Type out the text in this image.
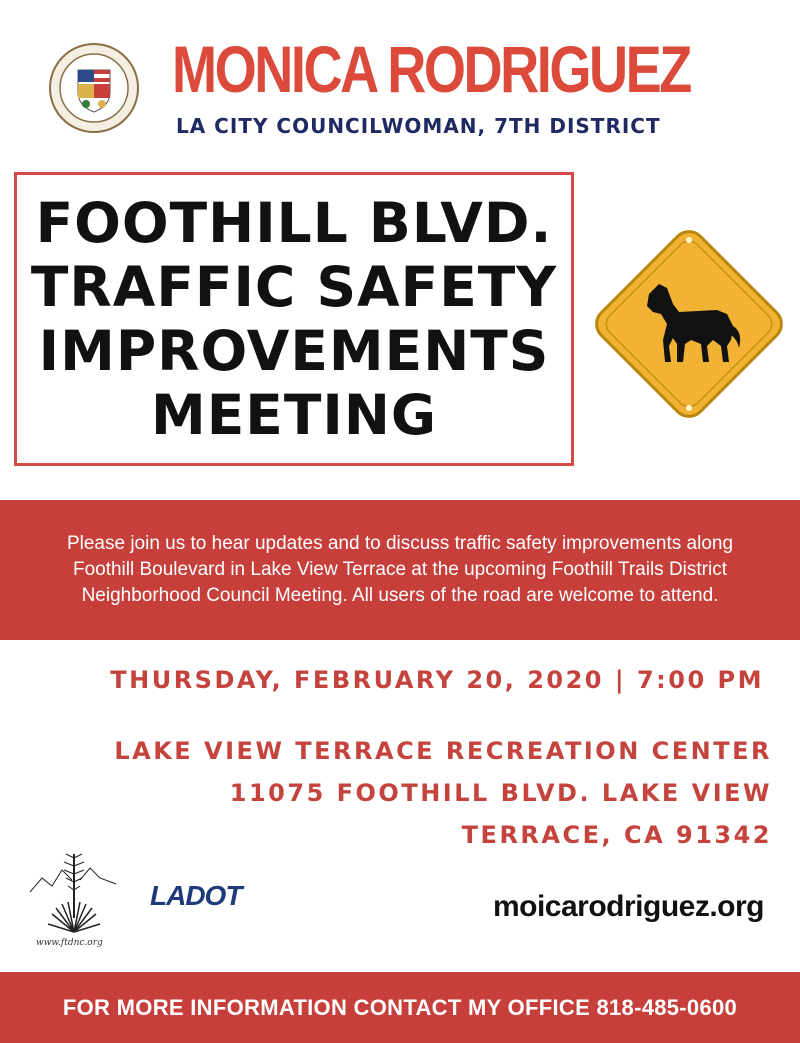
MONICA RODRIGUEZ
LA CITY COUNCILWOMAN, 7TH DISTRICT
FOOTHILL BLVD.
TRAFFIC SAFETY
IMPROVEMENTS
MEETING
Please join us to hear updates and to discuss traffic safety improvements along Foothill Boulevard in Lake View Terrace at the upcoming Foothill Trails District Neighborhood Council Meeting. All users of the road are welcome to attend.
THURSDAY, FEBRUARY 20, 2020 | 7:00 PM
LAKE VIEW TERRACE RECREATION CENTER
11075 FOOTHILL BLVD. LAKE VIEW
TERRACE, CA 91342
www.ftdnc.org
LADOT	moicarodriguez.org
FOR MORE INFORMATION CONTACT MY OFFICE 818-485-0600
